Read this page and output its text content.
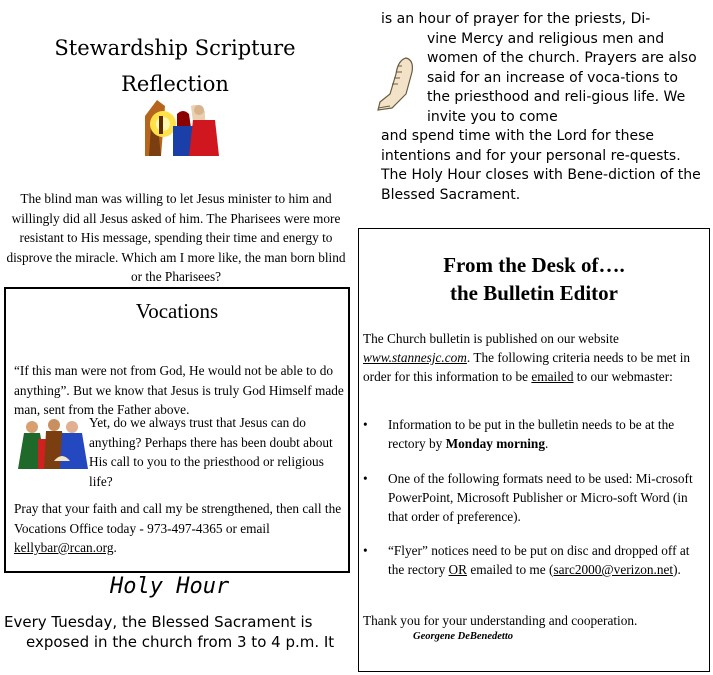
Stewardship Scripture
Reflection
The blind man was willing to let Jesus minister to him and willingly did all Jesus asked of him. The Pharisees were more resistant to His message, spending their time and energy to disprove the miracle. Which am I more like, the man born blind or the Pharisees?
Vocations
“If this man were not from God, He would not be able to do anything”. But we know that Jesus is truly God Himself made man, sent from the Father above.
Yet, do we always trust that Jesus can do anything? Perhaps there has been doubt about His call to you to the priesthood or religious life?
Pray that your faith and call my be strengthened, then call the Vocations Office today - 973-497-4365 or email kellybar@rcan.org.
Holy Hour
Every Tuesday, the Blessed Sacrament is
exposed in the church from 3 to 4 p.m. It
is an hour of prayer for the priests, Di-
vine Mercy and religious men and
women of the church. Prayers are also said for an increase of voca-tions to the priesthood and reli-gious life. We invite you to come
and spend time with the Lord for these intentions and for your personal re-quests. The Holy Hour closes with Bene-diction of the Blessed Sacrament.
From the Desk of….
the Bulletin Editor
The Church bulletin is published on our website www.stannesjc.com. The following criteria needs to be met in order for this information to be emailed to our webmaster:
• Information to be put in the bulletin needs to be at the rectory by Monday morning.
• One of the following formats need to be used: Mi-crosoft PowerPoint, Microsoft Publisher or Micro-soft Word (in that order of preference).
• “Flyer” notices need to be put on disc and dropped off at the rectory OR emailed to me (sarc2000@verizon.net).
Thank you for your understanding and cooperation.
Georgene DeBenedetto
